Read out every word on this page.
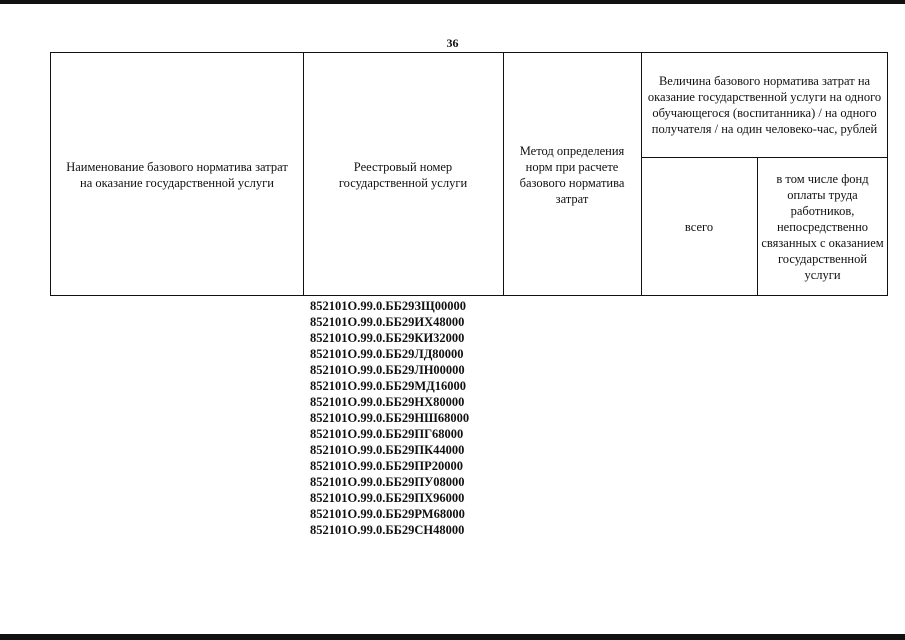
36
Наименование базового норматива затрат на оказание государственной услуги
Реестровый номер государственной услуги
Метод определения норм при расчете базового норматива затрат
Величина базового норматива затрат на оказание государственной услуги на одного обучающегося (воспитанника) / на одного получателя / на один человеко-час, рублей
всего
в том числе фонд оплаты труда работников, непосредственно связанных с оказанием государственной услуги
852101О.99.0.ББ29ЗЩ00000
852101О.99.0.ББ29ИХ48000
852101О.99.0.ББ29КИ32000
852101О.99.0.ББ29ЛД80000
852101О.99.0.ББ29ЛН00000
852101О.99.0.ББ29МД16000
852101О.99.0.ББ29НХ80000
852101О.99.0.ББ29НШ68000
852101О.99.0.ББ29ПГ68000
852101О.99.0.ББ29ПК44000
852101О.99.0.ББ29ПР20000
852101О.99.0.ББ29ПУ08000
852101О.99.0.ББ29ПХ96000
852101О.99.0.ББ29РМ68000
852101О.99.0.ББ29СН48000
